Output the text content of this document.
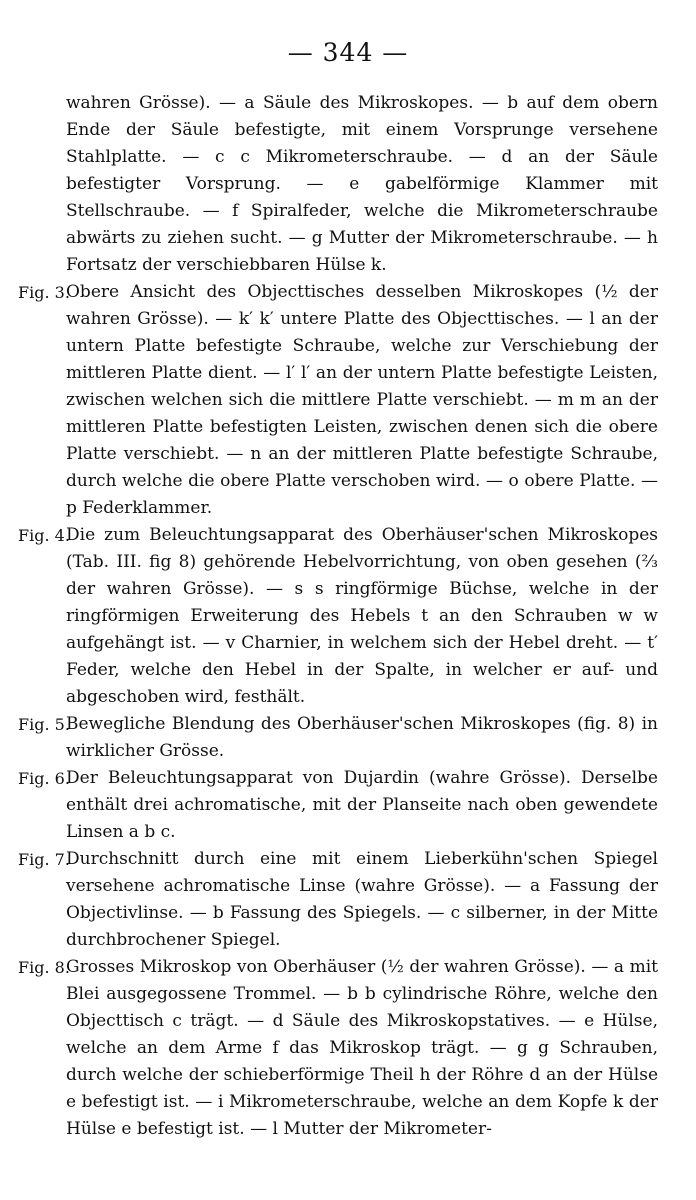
— 344 —

wahren Grösse). — a Säule des Mikroskopes. — b auf dem obern Ende der Säule befestigte, mit einem Vorsprunge versehene Stahlplatte. — c c Mikrometerschraube. — d an der Säule befestigter Vorsprung. — e gabelförmige Klammer mit Stellschraube. — f Spiralfeder, welche die Mikrometerschraube abwärts zu ziehen sucht. — g Mutter der Mikrometerschraube. — h Fortsatz der verschiebbaren Hülse k.

Fig. 3.

Obere Ansicht des Objecttisches desselben Mikroskopes (½ der wahren Grösse). — k′ k′ untere Platte des Objecttisches. — l an der untern Platte befestigte Schraube, welche zur Verschiebung der mittleren Platte dient. — l′ l′ an der untern Platte befestigte Leisten, zwischen welchen sich die mittlere Platte verschiebt. — m m an der mittleren Platte befestigten Leisten, zwischen denen sich die obere Platte verschiebt. — n an der mittleren Platte befestigte Schraube, durch welche die obere Platte verschoben wird. — o obere Platte. — p Federklammer.

Fig. 4.

Die zum Beleuchtungsapparat des Oberhäuser'schen Mikroskopes (Tab. III. fig 8) gehörende Hebelvorrichtung, von oben gesehen (⅔ der wahren Grösse). — s s ringförmige Büchse, welche in der ringförmigen Erweiterung des Hebels t an den Schrauben w w aufgehängt ist. — v Charnier, in welchem sich der Hebel dreht. — t′ Feder, welche den Hebel in der Spalte, in welcher er auf- und abgeschoben wird, festhält.

Fig. 5.

Bewegliche Blendung des Oberhäuser'schen Mikroskopes (fig. 8) in wirklicher Grösse.

Fig. 6.

Der Beleuchtungsapparat von Dujardin (wahre Grösse). Derselbe enthält drei achromatische, mit der Planseite nach oben gewendete Linsen a b c.

Fig. 7.

Durchschnitt durch eine mit einem Lieberkühn'schen Spiegel versehene achromatische Linse (wahre Grösse). — a Fassung der Objectivlinse. — b Fassung des Spiegels. — c silberner, in der Mitte durchbrochener Spiegel.

Fig. 8.

Grosses Mikroskop von Oberhäuser (½ der wahren Grösse). — a mit Blei ausgegossene Trommel. — b b cylindrische Röhre, welche den Objecttisch c trägt. — d Säule des Mikroskopstatives. — e Hülse, welche an dem Arme f das Mikroskop trägt. — g g Schrauben, durch welche der schieberförmige Theil h der Röhre d an der Hülse e befestigt ist. — i Mikrometerschraube, welche an dem Kopfe k der Hülse e befestigt ist. — l Mutter der Mikrometer-
